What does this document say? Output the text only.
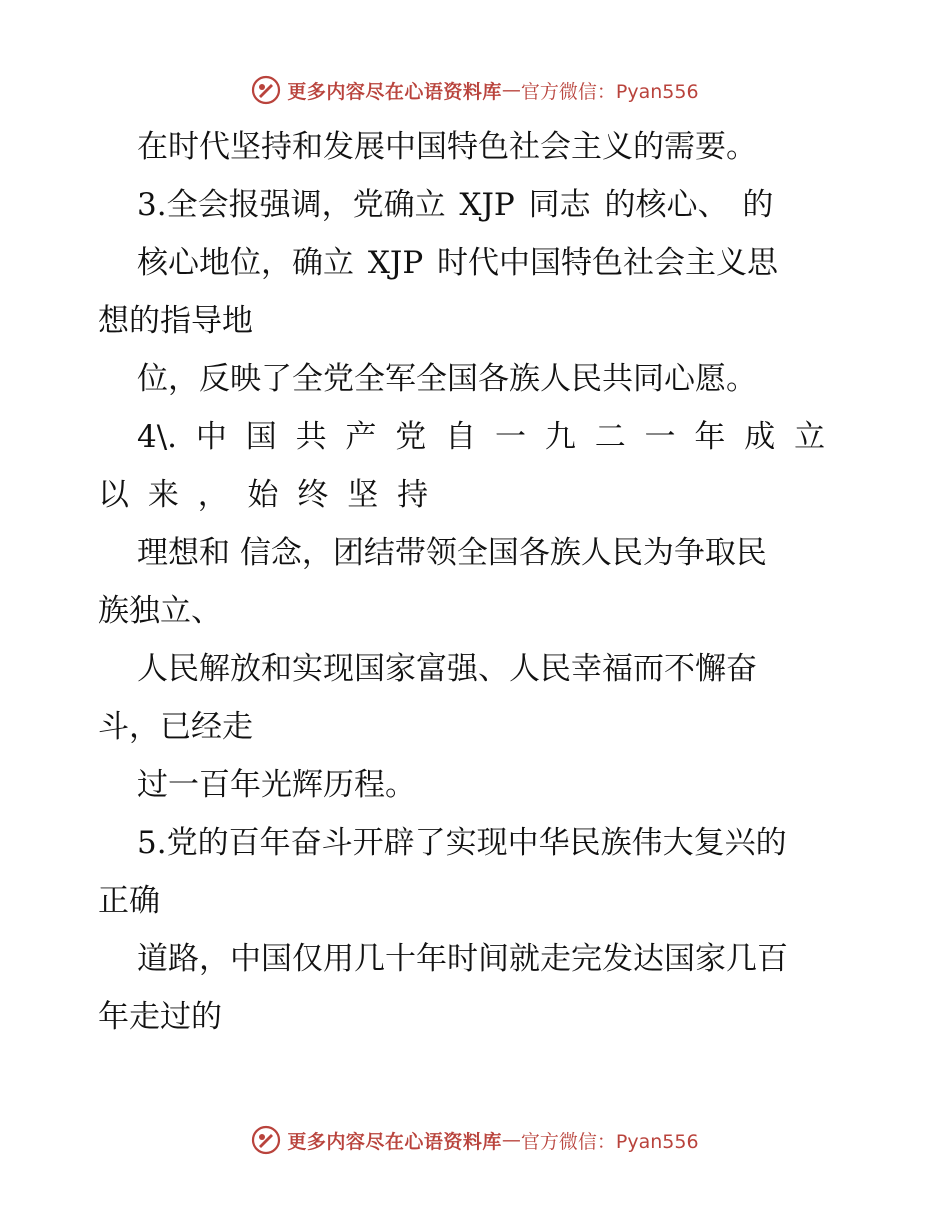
更多内容尽在心语资料库 — 官方微信：Pyan556
在时代坚持和发展中国特色社会主义的需要。
3.全会报强调，党确立 XJP 同志 的核心、 的
核心地位，确立 XJP 时代中国特色社会主义思
想的指导地
位，反映了全党全军全国各族人民共同心愿。
4\. 中 国 共 产 党 自 一 九 二 一 年 成 立
以 来 ， 始 终 坚 持
理想和 信念，团结带领全国各族人民为争取民
族独立、
人民解放和实现国家富强、人民幸福而不懈奋
斗，已经走
过一百年光辉历程。
5.党的百年奋斗开辟了实现中华民族伟大复兴的
正确
道路，中国仅用几十年时间就走完发达国家几百
年走过的
更多内容尽在心语资料库 — 官方微信：Pyan556
